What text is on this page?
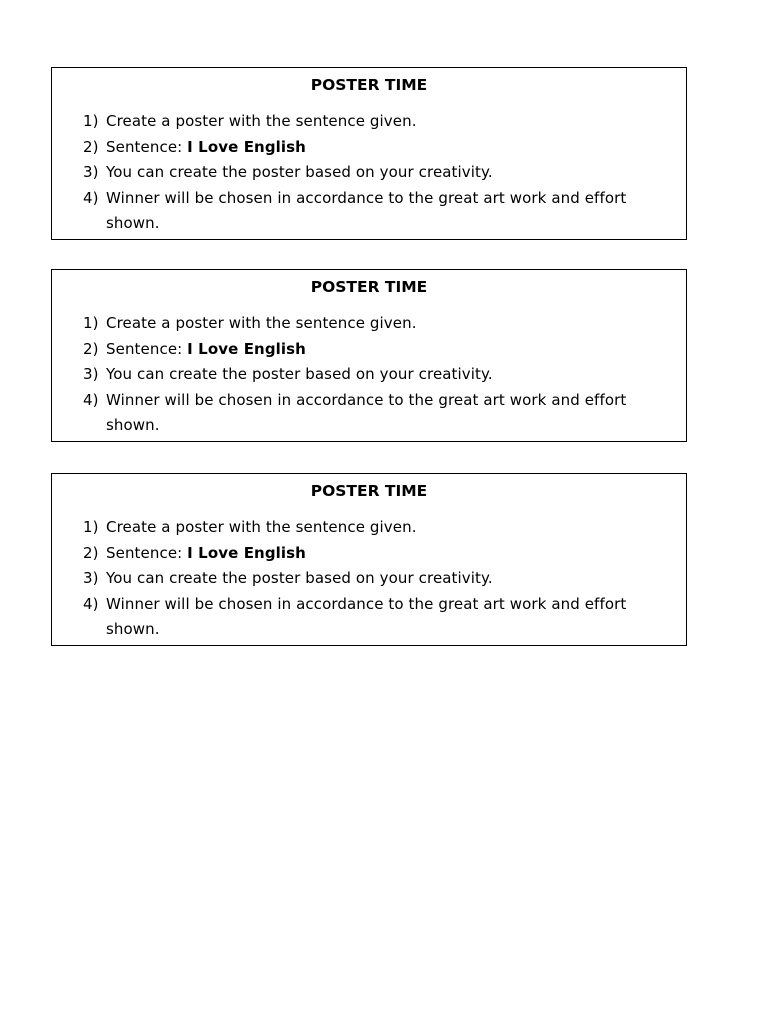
POSTER TIME
1) Create a poster with the sentence given.
2) Sentence: I Love English
3) You can create the poster based on your creativity.
4) Winner will be chosen in accordance to the great art work and effort shown.
POSTER TIME
1) Create a poster with the sentence given.
2) Sentence: I Love English
3) You can create the poster based on your creativity.
4) Winner will be chosen in accordance to the great art work and effort shown.
POSTER TIME
1) Create a poster with the sentence given.
2) Sentence: I Love English
3) You can create the poster based on your creativity.
4) Winner will be chosen in accordance to the great art work and effort shown.
